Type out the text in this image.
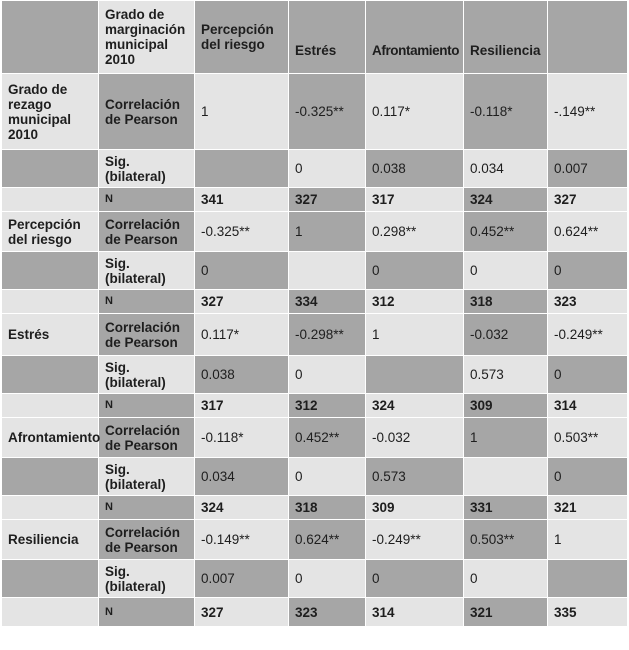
	Grado de marginación municipal 2010	Percepción del riesgo	Estrés	Afrontamiento	Resiliencia	
Grado de rezago municipal 2010	Correlación de Pearson	1	-0.325**	0.117*	-0.118*	-.149**
	Sig. (bilateral)		0	0.038	0.034	0.007
	N	341	327	317	324	327
Percepción del riesgo	Correlación de Pearson	-0.325**	1	0.298**	0.452**	0.624**
	Sig. (bilateral)	0		0	0	0
	N	327	334	312	318	323
Estrés	Correlación de Pearson	0.117*	-0.298**	1	-0.032	-0.249**
	Sig. (bilateral)	0.038	0		0.573	0
	N	317	312	324	309	314
Afrontamiento	Correlación de Pearson	-0.118*	0.452**	-0.032	1	0.503**
	Sig. (bilateral)	0.034	0	0.573		0
	N	324	318	309	331	321
Resiliencia	Correlación de Pearson	-0.149**	0.624**	-0.249**	0.503**	1
	Sig. (bilateral)	0.007	0	0	0	
	N	327	323	314	321	335
